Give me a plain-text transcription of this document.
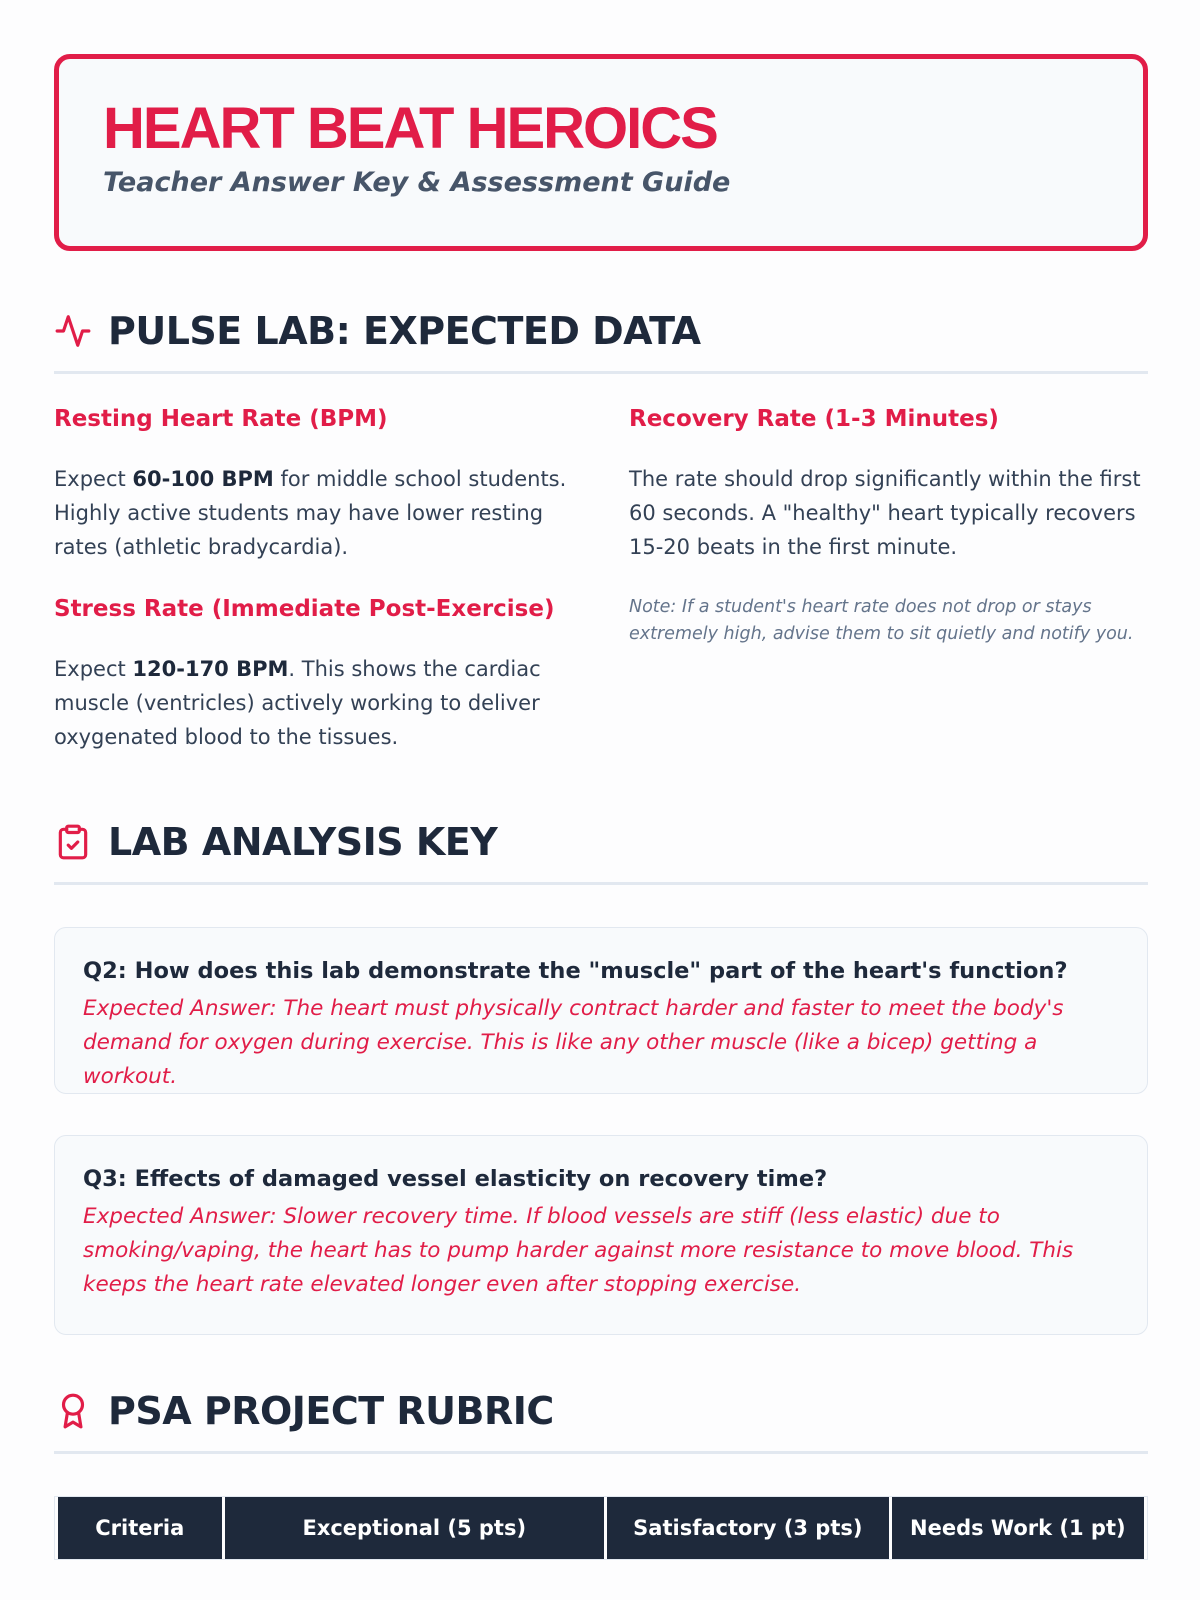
HEART BEAT HEROICS
Teacher Answer Key & Assessment Guide
PULSE LAB: EXPECTED DATA
Resting Heart Rate (BPM)

Expect 60-100 BPM for middle school students. Highly active students may have lower resting rates (athletic bradycardia).

Stress Rate (Immediate Post-Exercise)

Expect 120-170 BPM. This shows the cardiac muscle (ventricles) actively working to deliver oxygenated blood to the tissues.

Recovery Rate (1-3 Minutes)

The rate should drop significantly within the first 60 seconds. A "healthy" heart typically recovers 15-20 beats in the first minute.

Note: If a student's heart rate does not drop or stays extremely high, advise them to sit quietly and notify you.

LAB ANALYSIS KEY
Q2: How does this lab demonstrate the "muscle" part of the heart's function?
Expected Answer: The heart must physically contract harder and faster to meet the body's demand for oxygen during exercise. This is like any other muscle (like a bicep) getting a workout.
Q3: Effects of damaged vessel elasticity on recovery time?
Expected Answer: Slower recovery time. If blood vessels are stiff (less elastic) due to smoking/vaping, the heart has to pump harder against more resistance to move blood. This keeps the heart rate elevated longer even after stopping exercise.
PSA PROJECT RUBRIC
Criteria	Exceptional (5 pts)	Satisfactory (3 pts)	Needs Work (1 pt)
